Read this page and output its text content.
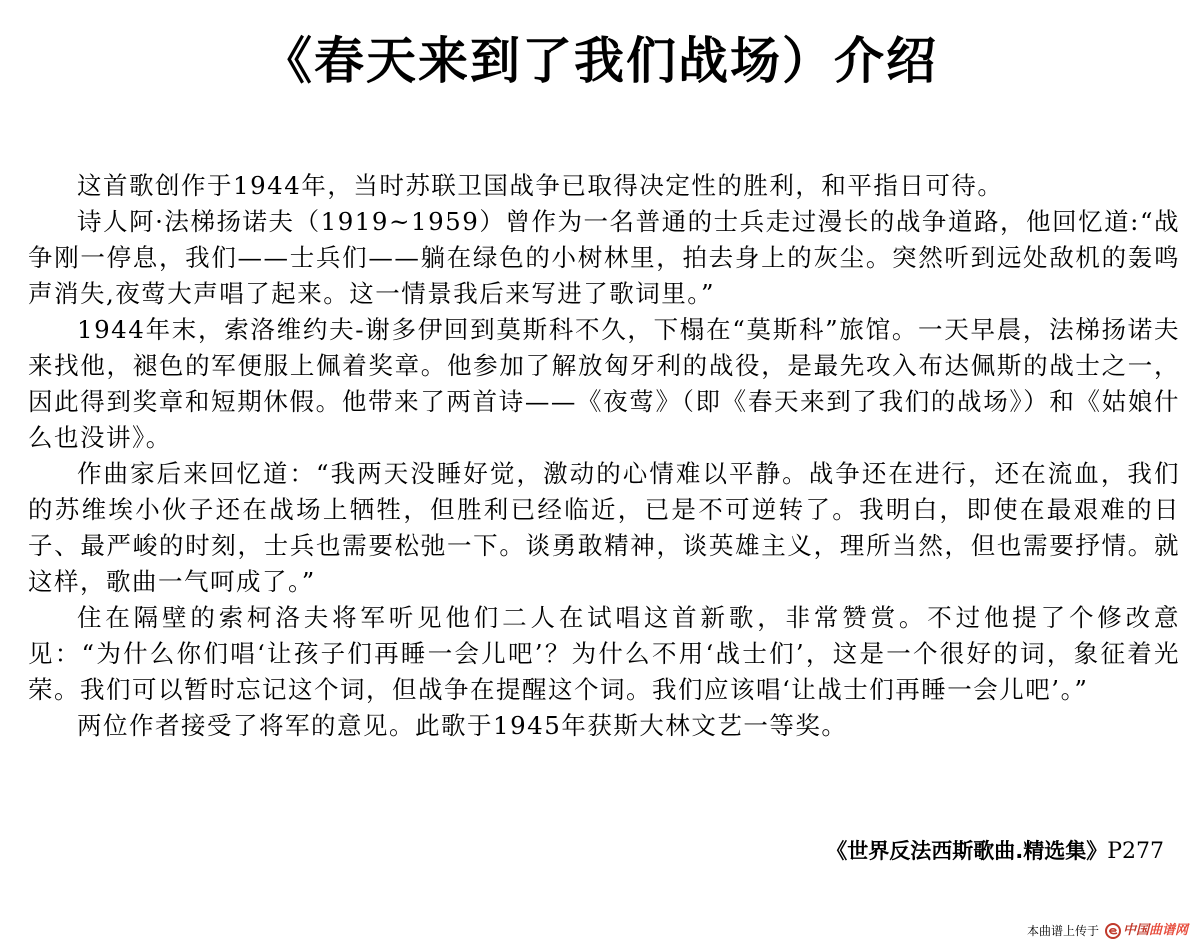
《春天来到了我们战场）介绍

这首歌创作于1944年，当时苏联卫国战争已取得决定性的胜利，和平指日可待。

诗人阿·法梯扬诺夫（1919~1959）曾作为一名普通的士兵走过漫长的战争道路，他回忆道:“战争刚一停息，我们——士兵们——躺在绿色的小树林里，拍去身上的灰尘。突然听到远处敌机的轰鸣声消失,夜莺大声唱了起来。这一情景我后来写进了歌词里。”

1944年末，索洛维约夫-谢多伊回到莫斯科不久，下榻在“莫斯科”旅馆。一天早晨，法梯扬诺夫来找他，褪色的军便服上佩着奖章。他参加了解放匈牙利的战役，是最先攻入布达佩斯的战士之一，因此得到奖章和短期休假。他带来了两首诗——《夜莺》（即《春天来到了我们的战场》）和《姑娘什么也没讲》。

作曲家后来回忆道：“我两天没睡好觉，激动的心情难以平静。战争还在进行，还在流血，我们的苏维埃小伙子还在战场上牺牲，但胜利已经临近，已是不可逆转了。我明白，即使在最艰难的日子、最严峻的时刻，士兵也需要松弛一下。谈勇敢精神，谈英雄主义，理所当然，但也需要抒情。就这样，歌曲一气呵成了。”

住在隔壁的索柯洛夫将军听见他们二人在试唱这首新歌，非常赞赏。不过他提了个修改意见：“为什么你们唱‘让孩子们再睡一会儿吧’？为什么不用‘战士们’，这是一个很好的词，象征着光荣。我们可以暂时忘记这个词，但战争在提醒这个词。我们应该唱‘让战士们再睡一会儿吧’。”

两位作者接受了将军的意见。此歌于1945年获斯大林文艺一等奖。

《世界反法西斯歌曲.精选集》P277
本曲谱上传于 中国 曲谱网
